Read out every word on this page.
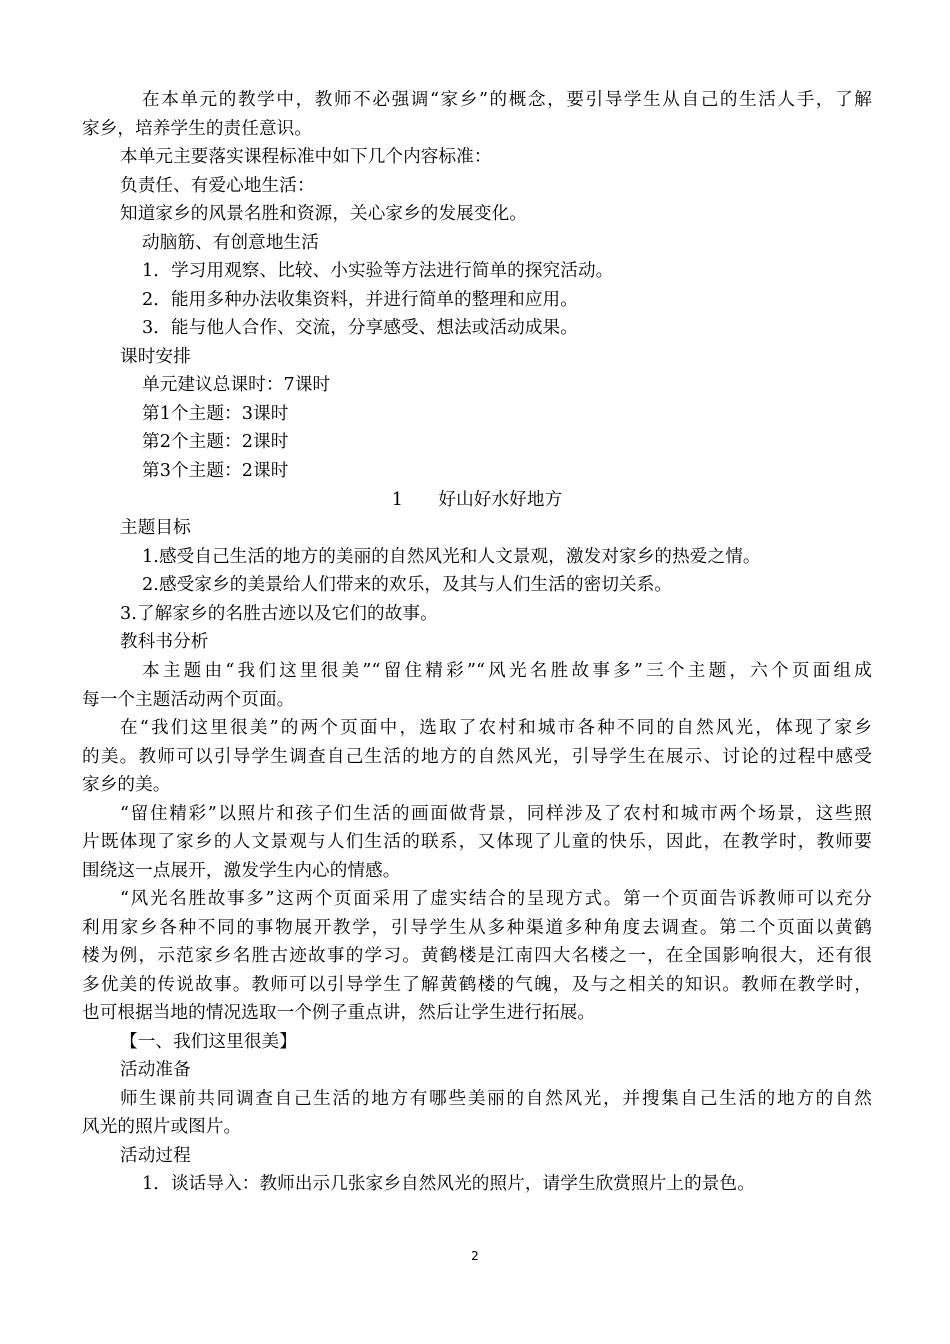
在本单元的教学中，教师不必强调“家乡”的概念，要引导学生从自己的生活人手，了解
家乡，培养学生的责任意识。
本单元主要落实课程标准中如下几个内容标准：
负责任、有爱心地生活：
知道家乡的风景名胜和资源，关心家乡的发展变化。
动脑筋、有创意地生活
1．学习用观察、比较、小实验等方法进行简单的探究活动。
2．能用多种办法收集资料，并进行简单的整理和应用。
3．能与他人合作、交流，分享感受、想法或活动成果。
课时安排
单元建议总课时：7课时
第1个主题：3课时
第2个主题：2课时
第3个主题：2课时
1　　好山好水好地方
主题目标
1.感受自己生活的地方的美丽的自然风光和人文景观，激发对家乡的热爱之情。
2.感受家乡的美景给人们带来的欢乐，及其与人们生活的密切关系。
3.了解家乡的名胜古迹以及它们的故事。
教科书分析
本主题由“我们这里很美”“留住精彩”“风光名胜故事多”三个主题，六个页面组成
每一个主题活动两个页面。
在“我们这里很美”的两个页面中，选取了农村和城市各种不同的自然风光，体现了家乡
的美。教师可以引导学生调查自己生活的地方的自然风光，引导学生在展示、讨论的过程中感受
家乡的美。
“留住精彩”以照片和孩子们生活的画面做背景，同样涉及了农村和城市两个场景，这些照
片既体现了家乡的人文景观与人们生活的联系，又体现了儿童的快乐，因此，在教学时，教师要
围绕这一点展开，激发学生内心的情感。
“风光名胜故事多”这两个页面采用了虚实结合的呈现方式。第一个页面告诉教师可以充分
利用家乡各种不同的事物展开教学，引导学生从多种渠道多种角度去调查。第二个页面以黄鹤
楼为例，示范家乡名胜古迹故事的学习。黄鹤楼是江南四大名楼之一，在全国影响很大，还有很
多优美的传说故事。教师可以引导学生了解黄鹤楼的气魄，及与之相关的知识。教师在教学时，
也可根据当地的情况选取一个例子重点讲，然后让学生进行拓展。
【一、我们这里很美】
活动准备
师生课前共同调查自己生活的地方有哪些美丽的自然风光，并搜集自己生活的地方的自然
风光的照片或图片。
活动过程
1．谈话导入：教师出示几张家乡自然风光的照片，请学生欣赏照片上的景色。
2
